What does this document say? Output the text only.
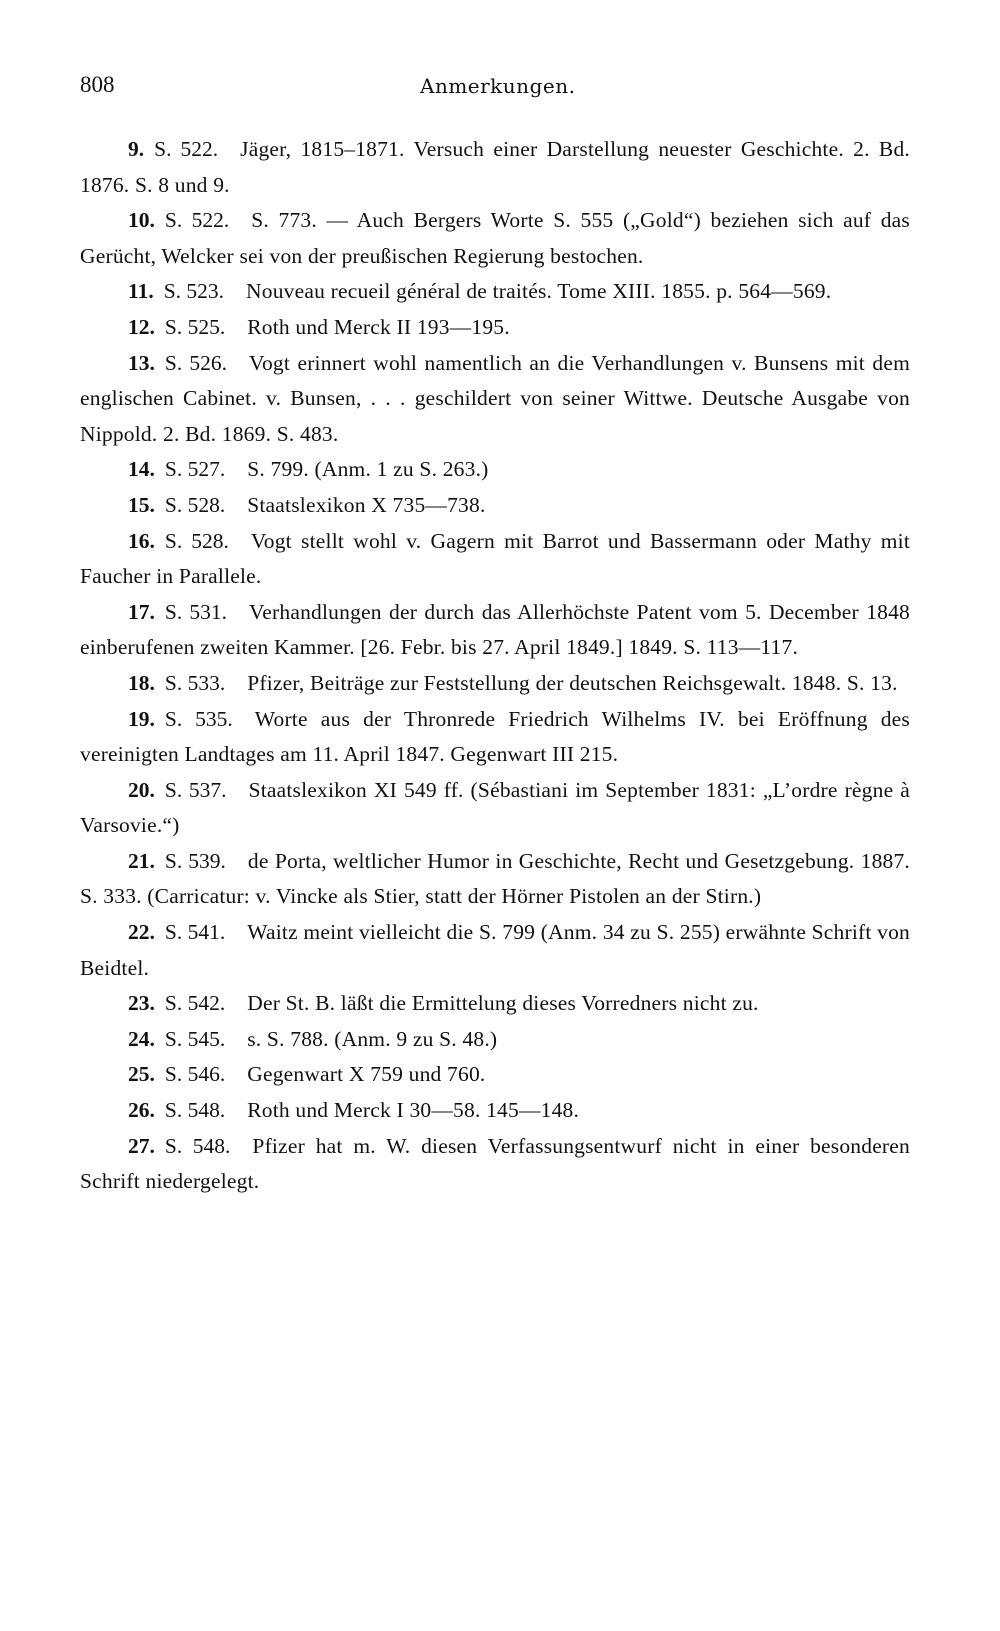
808	Anmerkungen.

9. S. 522. Jäger, 1815–1871. Versuch einer Darstellung neuester Geschichte. 2. Bd. 1876. S. 8 und 9.

10. S. 522. S. 773. — Auch Bergers Worte S. 555 („Gold“) beziehen sich auf das Gerücht, Welcker sei von der preußischen Regierung bestochen.

11. S. 523. Nouveau recueil général de traités. Tome XIII. 1855. p. 564—569.

12. S. 525. Roth und Merck II 193—195.

13. S. 526. Vogt erinnert wohl namentlich an die Verhandlungen v. Bunsens mit dem englischen Cabinet. v. Bunsen, . . . geschildert von seiner Wittwe. Deutsche Ausgabe von Nippold. 2. Bd. 1869. S. 483.

14. S. 527. S. 799. (Anm. 1 zu S. 263.)

15. S. 528. Staatslexikon X 735—738.

16. S. 528. Vogt stellt wohl v. Gagern mit Barrot und Bassermann oder Mathy mit Faucher in Parallele.

17. S. 531. Verhandlungen der durch das Allerhöchste Patent vom 5. December 1848 einberufenen zweiten Kammer. [26. Febr. bis 27. April 1849.] 1849. S. 113—117.

18. S. 533. Pfizer, Beiträge zur Feststellung der deutschen Reichsgewalt. 1848. S. 13.

19. S. 535. Worte aus der Thronrede Friedrich Wilhelms IV. bei Eröffnung des vereinigten Landtages am 11. April 1847. Gegenwart III 215.

20. S. 537. Staatslexikon XI 549 ff. (Sébastiani im September 1831: „L’ordre règne à Varsovie.“)

21. S. 539. de Porta, weltlicher Humor in Geschichte, Recht und Gesetzgebung. 1887. S. 333. (Carricatur: v. Vincke als Stier, statt der Hörner Pistolen an der Stirn.)

22. S. 541. Waitz meint vielleicht die S. 799 (Anm. 34 zu S. 255) erwähnte Schrift von Beidtel.

23. S. 542. Der St. B. läßt die Ermittelung dieses Vorredners nicht zu.

24. S. 545. s. S. 788. (Anm. 9 zu S. 48.)

25. S. 546. Gegenwart X 759 und 760.

26. S. 548. Roth und Merck I 30—58. 145—148.

27. S. 548. Pfizer hat m. W. diesen Verfassungsentwurf nicht in einer besonderen Schrift niedergelegt.
